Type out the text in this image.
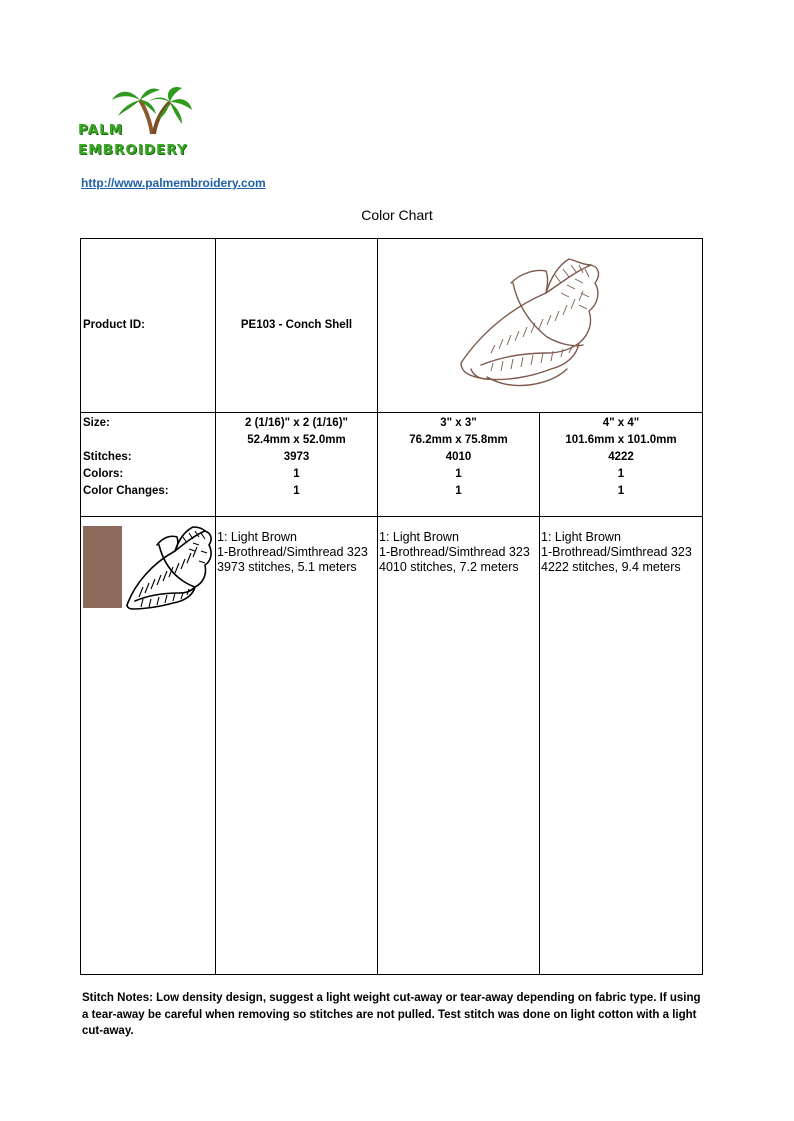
PALM
EMBROIDERY
http://www.palmembroidery.com
Color Chart
Product ID:	PE103 - Conch Shell
Size:
Stitches:
Colors:
Color Changes:
2 (1/16)" x 2 (1/16)"
52.4mm x 52.0mm
3973
1
1
3" x 3"
76.2mm x 75.8mm
4010
1
1
4" x 4"
101.6mm x 101.0mm
4222
1
1
1: Light Brown
1-Brothread/Simthread 323
3973 stitches, 5.1 meters
1: Light Brown
1-Brothread/Simthread 323
4010 stitches, 7.2 meters
1: Light Brown
1-Brothread/Simthread 323
4222 stitches, 9.4 meters
Stitch Notes: Low density design, suggest a light weight cut-away or tear-away depending on fabric type. If using a tear-away be careful when removing so stitches are not pulled. Test stitch was done on light cotton with a light cut-away.
